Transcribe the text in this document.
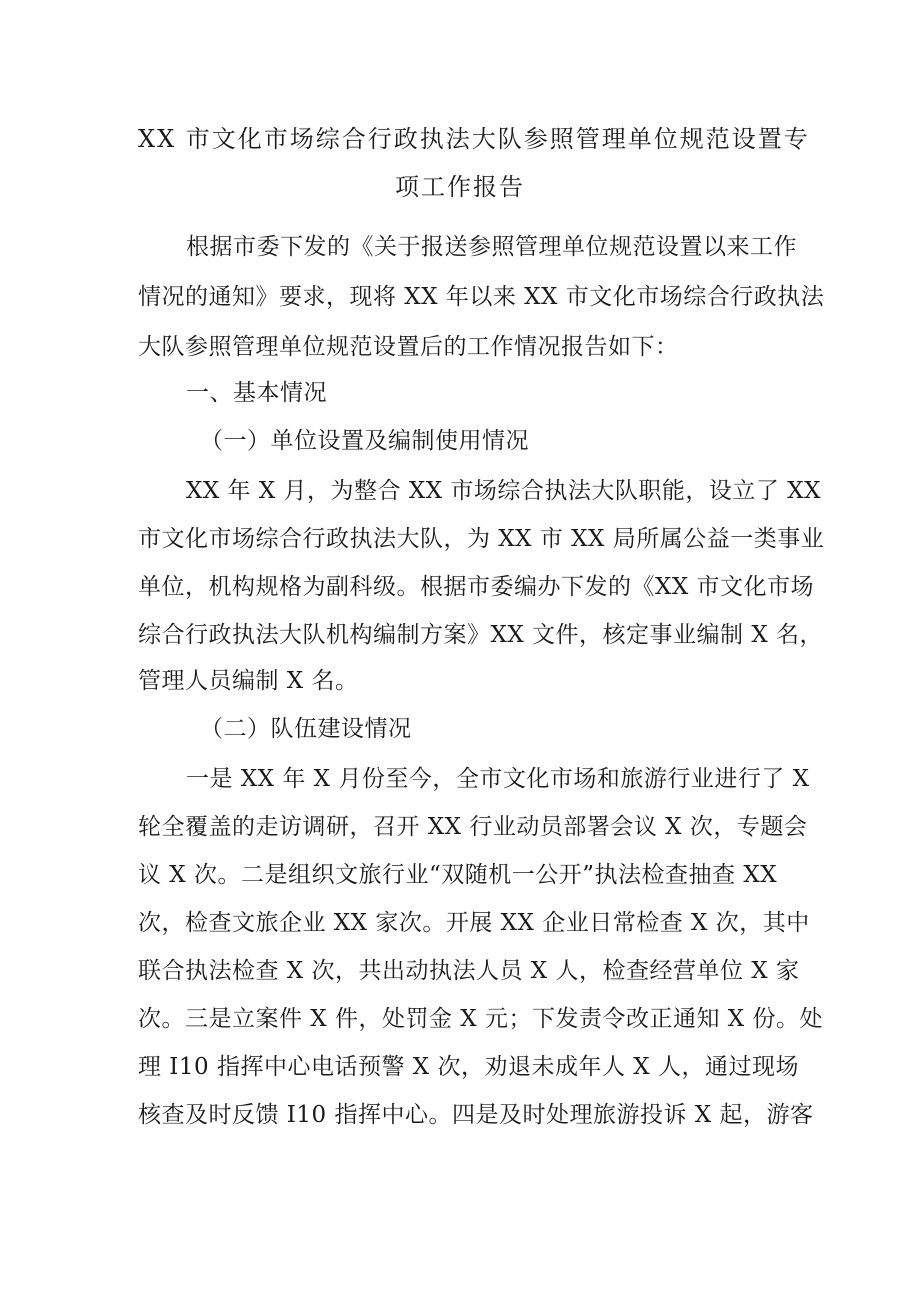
XX 市文化市场综合行政执法大队参照管理单位规范设置专
项工作报告
根据市委下发的《关于报送参照管理单位规范设置以来工作
情况的通知》要求，现将 XX 年以来 XX 市文化市场综合行政执法
大队参照管理单位规范设置后的工作情况报告如下：
一、基本情况
（一）单位设置及编制使用情况
XX 年 X 月，为整合 XX 市场综合执法大队职能，设立了 XX
市文化市场综合行政执法大队，为 XX 市 XX 局所属公益一类事业
单位，机构规格为副科级。根据市委编办下发的《XX 市文化市场
综合行政执法大队机构编制方案》XX 文件，核定事业编制 X 名，
管理人员编制 X 名。
（二）队伍建设情况
一是 XX 年 X 月份至今，全市文化市场和旅游行业进行了 X
轮全覆盖的走访调研，召开 XX 行业动员部署会议 X 次，专题会
议 X 次。二是组织文旅行业“双随机一公开”执法检查抽查 XX
次，检查文旅企业 XX 家次。开展 XX 企业日常检查 X 次，其中
联合执法检查 X 次，共出动执法人员 X 人，检查经营单位 X 家
次。三是立案件 X 件，处罚金 X 元；下发责令改正通知 X 份。处
理 I10 指挥中心电话预警 X 次，劝退未成年人 X 人，通过现场
核查及时反馈 I10 指挥中心。四是及时处理旅游投诉 X 起，游客
